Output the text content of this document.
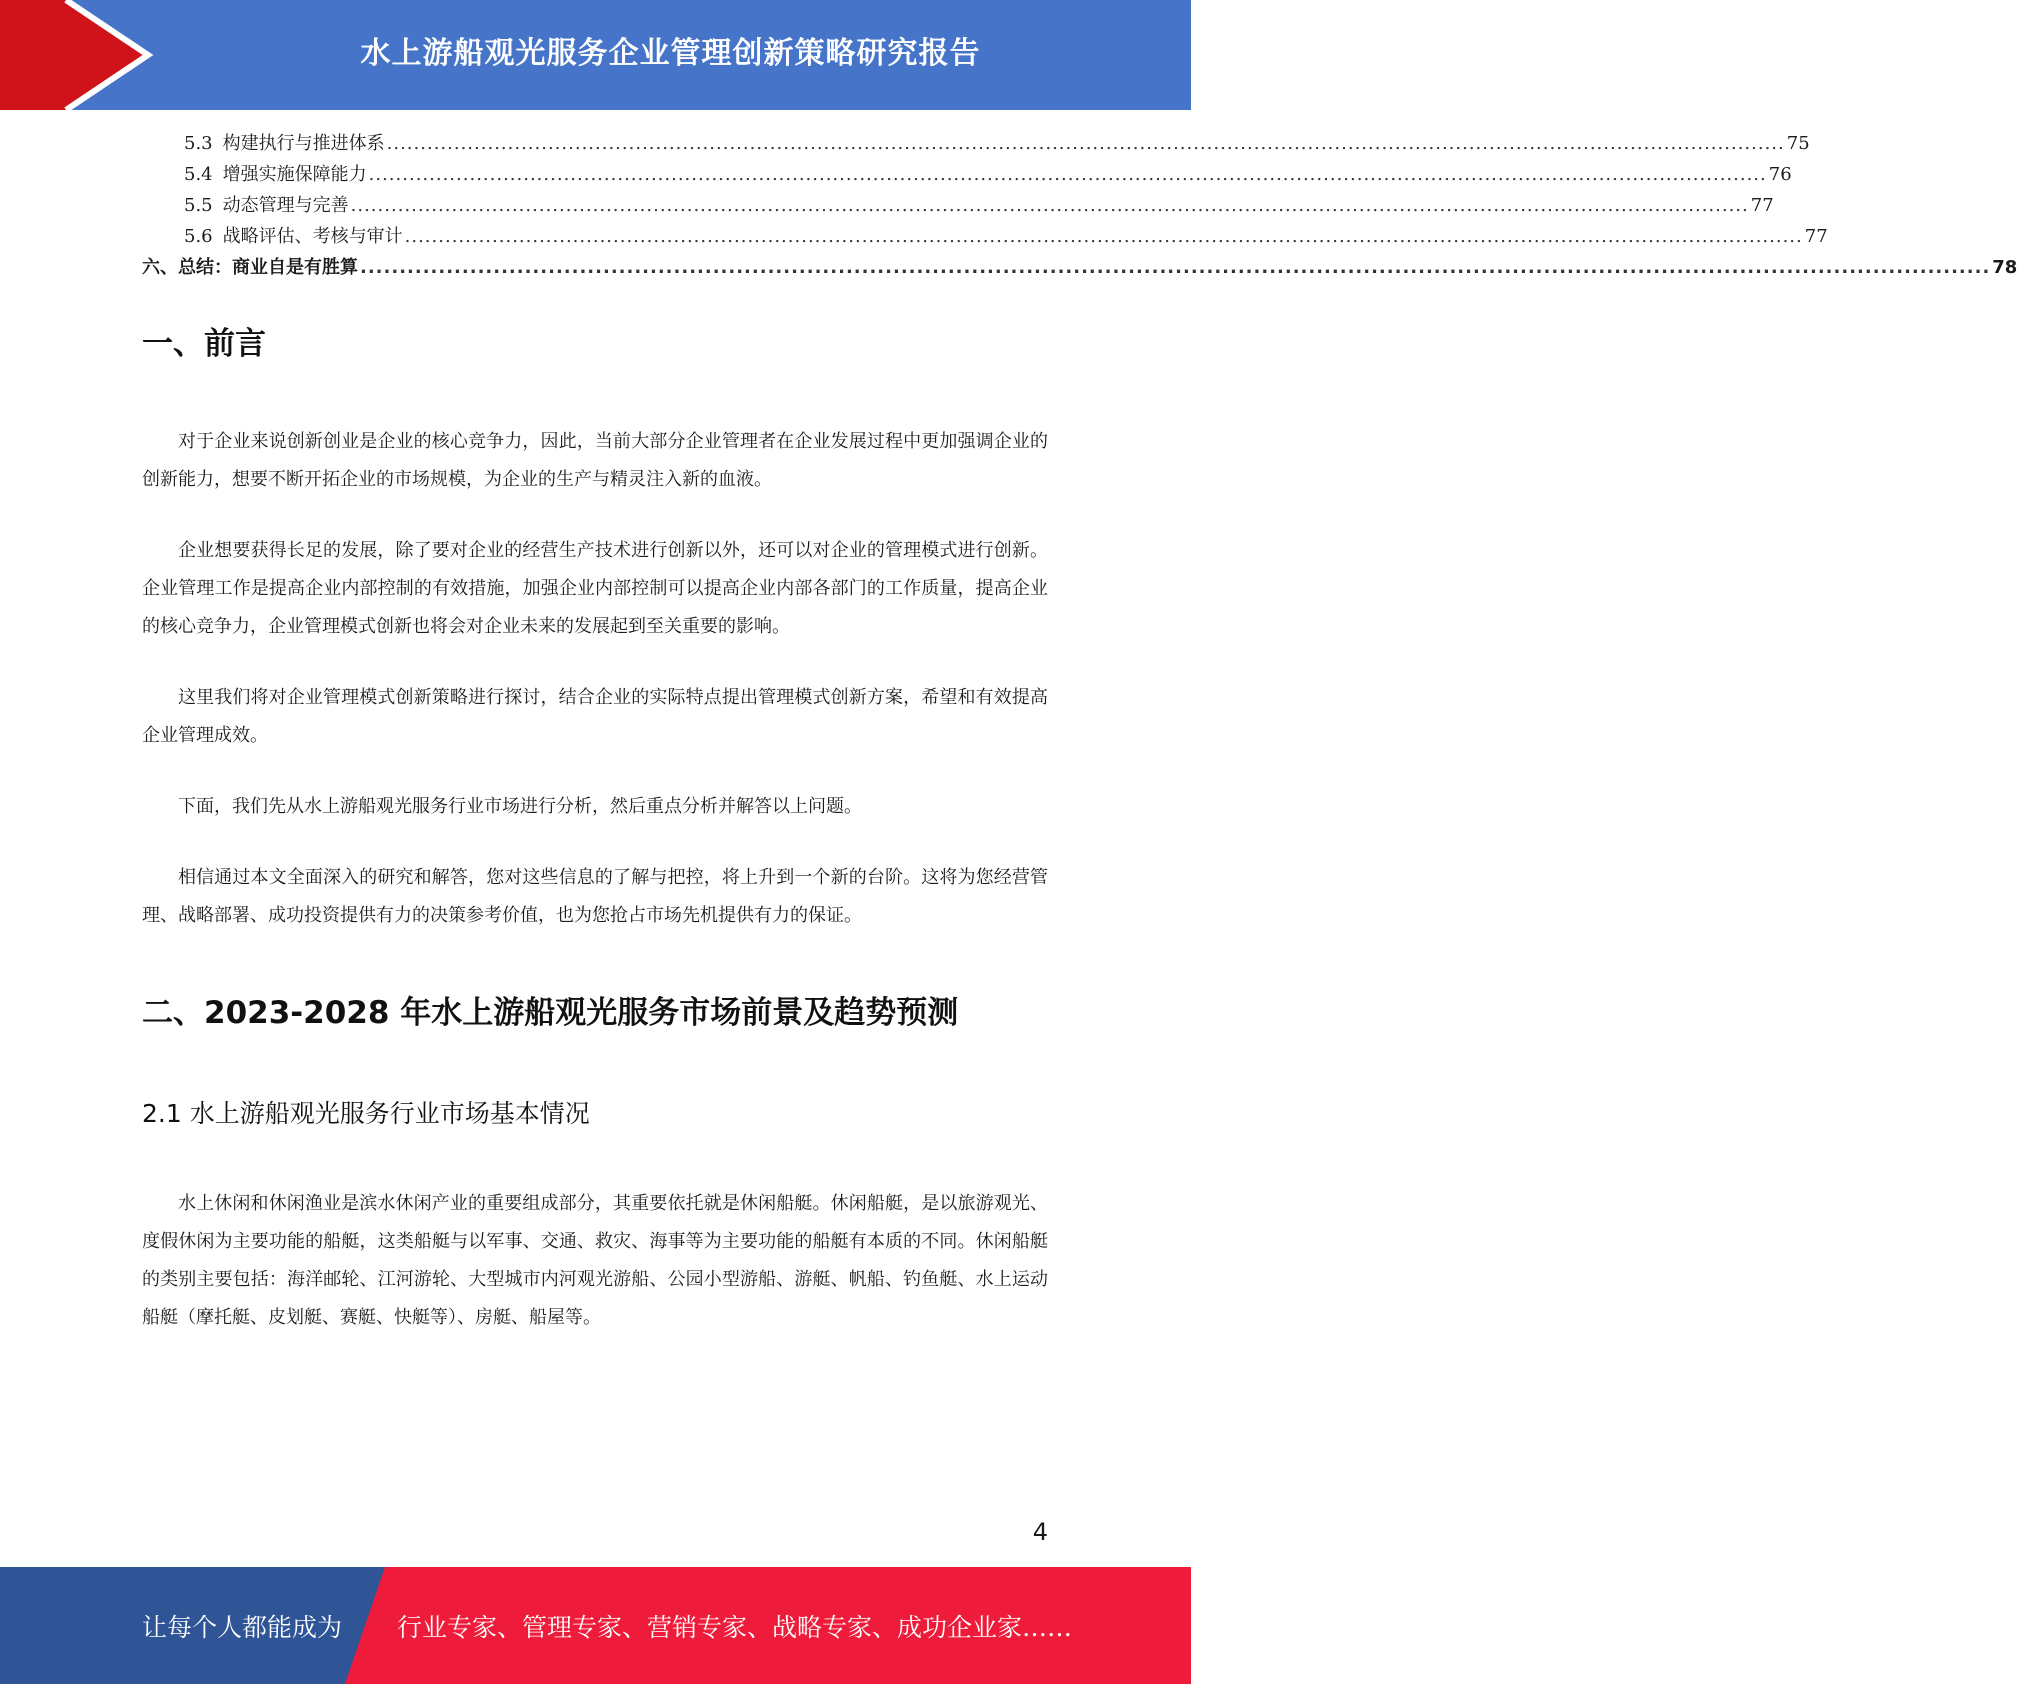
水上游船观光服务企业管理创新策略研究报告
5.3 构建执行与推进体系 ................................................................................................................................................................................................................ 75
5.4 增强实施保障能力 ................................................................................................................................................................................................................ 76
5.5 动态管理与完善 ................................................................................................................................................................................................................ 77
5.6 战略评估、考核与审计 ................................................................................................................................................................................................................ 77
六、总结：商业自是有胜算 ................................................................................................................................................................................................................ 78
一、前言

对于企业来说创新创业是企业的核心竞争力，因此，当前大部分企业管理者在企业发展过程中更加强调企业的创新能力，想要不断开拓企业的市场规模，为企业的生产与精灵注入新的血液。

企业想要获得长足的发展，除了要对企业的经营生产技术进行创新以外，还可以对企业的管理模式进行创新。企业管理工作是提高企业内部控制的有效措施，加强企业内部控制可以提高企业内部各部门的工作质量，提高企业的核心竞争力，企业管理模式创新也将会对企业未来的发展起到至关重要的影响。

这里我们将对企业管理模式创新策略进行探讨，结合企业的实际特点提出管理模式创新方案，希望和有效提高企业管理成效。

下面，我们先从水上游船观光服务行业市场进行分析，然后重点分析并解答以上问题。

相信通过本文全面深入的研究和解答，您对这些信息的了解与把控，将上升到一个新的台阶。这将为您经营管理、战略部署、成功投资提供有力的决策参考价值，也为您抢占市场先机提供有力的保证。

二、2023-2028 年水上游船观光服务市场前景及趋势预测
2.1 水上游船观光服务行业市场基本情况

水上休闲和休闲渔业是滨水休闲产业的重要组成部分，其重要依托就是休闲船艇。休闲船艇，是以旅游观光、度假休闲为主要功能的船艇，这类船艇与以军事、交通、救灾、海事等为主要功能的船艇有本质的不同。休闲船艇的类别主要包括：海洋邮轮、江河游轮、大型城市内河观光游船、公园小型游船、游艇、帆船、钓鱼艇、水上运动船艇（摩托艇、皮划艇、赛艇、快艇等）、房艇、船屋等。

4
让每个人都能成为 行业专家、管理专家、营销专家、战略专家、成功企业家……
